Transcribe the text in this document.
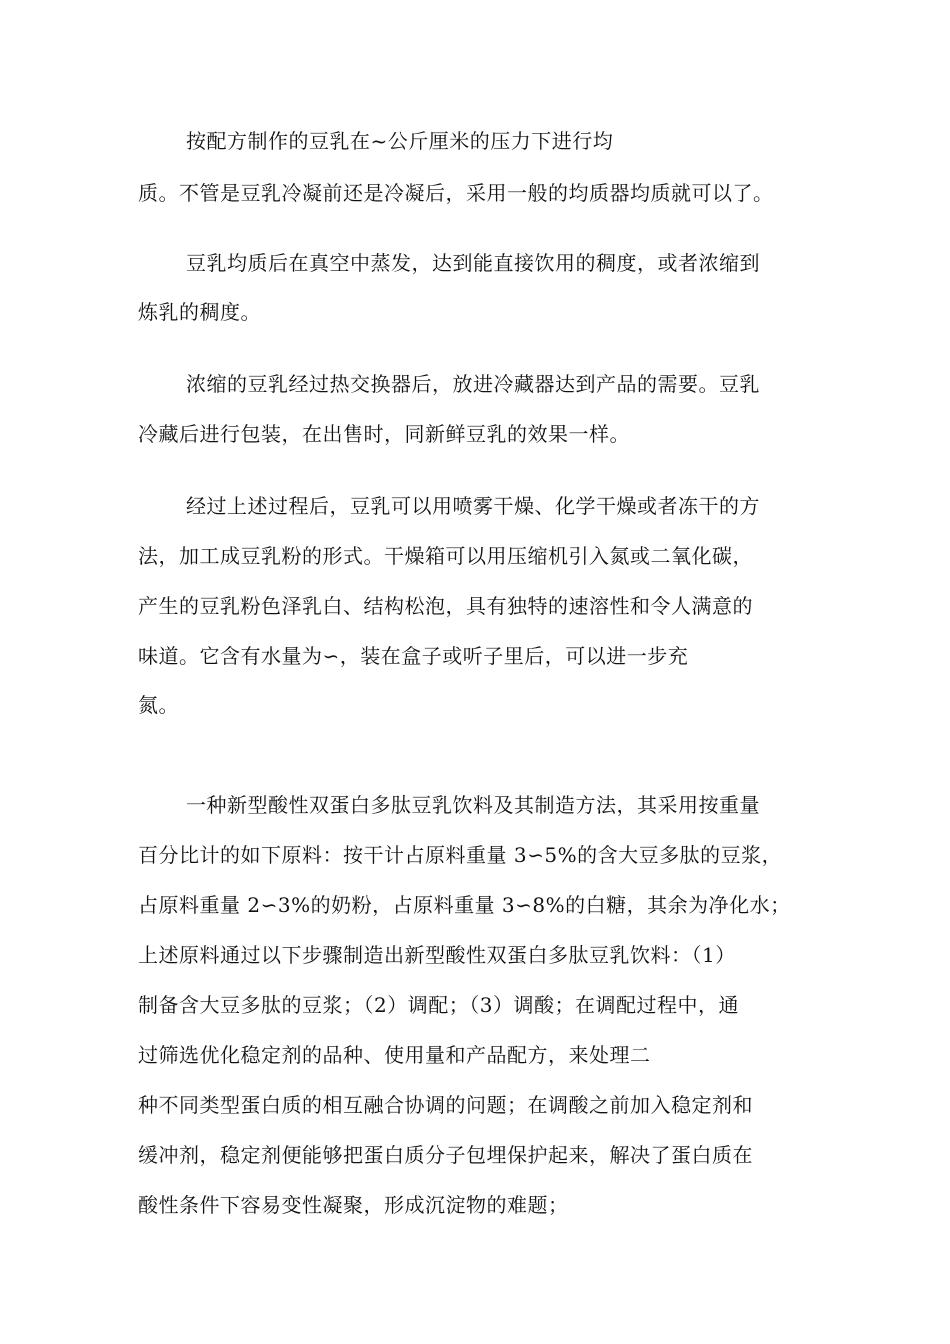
按配方制作的豆乳在~公斤厘米的压力下进行均
质。不管是豆乳冷凝前还是冷凝后，采用一般的均质器均质就可以了。
豆乳均质后在真空中蒸发，达到能直接饮用的稠度，或者浓缩到
炼乳的稠度。
浓缩的豆乳经过热交换器后，放进冷藏器达到产品的需要。豆乳
冷藏后进行包装，在出售时，同新鲜豆乳的效果一样。
经过上述过程后，豆乳可以用喷雾干燥、化学干燥或者冻干的方
法，加工成豆乳粉的形式。干燥箱可以用压缩机引入氮或二氧化碳，
产生的豆乳粉色泽乳白、结构松泡，具有独特的速溶性和令人满意的
味道。它含有水量为∽，装在盒子或听子里后，可以进一步充
氮。
一种新型酸性双蛋白多肽豆乳饮料及其制造方法，其采用按重量
百分比计的如下原料：按干计占原料重量 3∽5%的含大豆多肽的豆浆，
占原料重量 2∽3%的奶粉，占原料重量 3∽8%的白糖，其余为净化水；
上述原料通过以下步骤制造出新型酸性双蛋白多肽豆乳饮料：（1）
制备含大豆多肽的豆浆；（2）调配；（3）调酸；在调配过程中，通
过筛选优化稳定剂的品种、使用量和产品配方，来处理二
种不同类型蛋白质的相互融合协调的问题；在调酸之前加入稳定剂和
缓冲剂，稳定剂便能够把蛋白质分子包埋保护起来，解决了蛋白质在
酸性条件下容易变性凝聚，形成沉淀物的难题；
